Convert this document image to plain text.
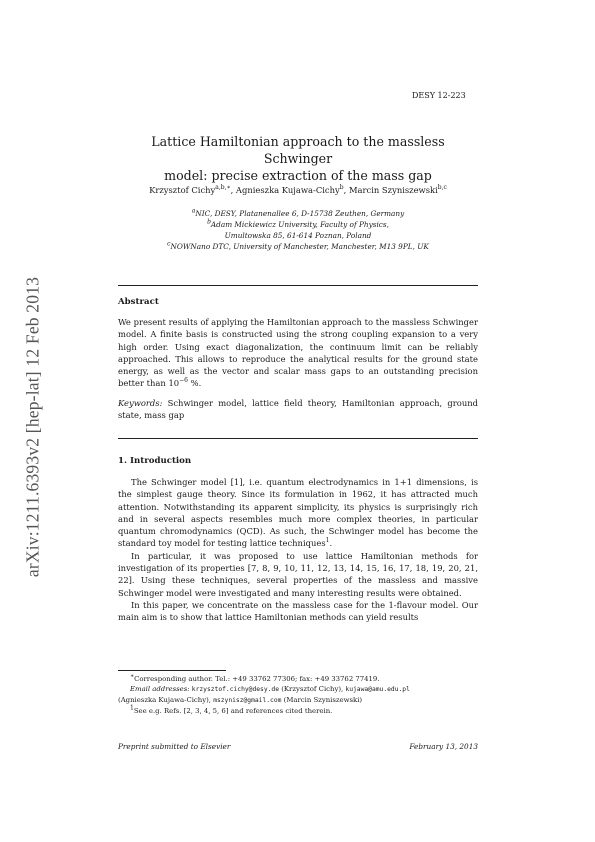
arXiv:1211.6393v2 [hep-lat] 12 Feb 2013
DESY 12-223
Lattice Hamiltonian approach to the massless Schwinger
model: precise extraction of the mass gap
Krzysztof Cichy$^{a,b,∗}$, Agnieszka Kujawa-Cichy$^b$, Marcin Szyniszewski$^{b,c}$
$^a$NIC, DESY, Platanenallee 6, D-15738 Zeuthen, Germany
$^b$Adam Mickiewicz University, Faculty of Physics,
Umultowska 85, 61-614 Poznan, Poland
$^c$NOWNano DTC, University of Manchester, Manchester, M13 9PL, UK
Abstract

We present results of applying the Hamiltonian approach to the massless Schwinger model. A finite basis is constructed using the strong coupling expansion to a very high order. Using exact diagonalization, the continuum limit can be reliably approached. This allows to reproduce the analytical results for the ground state energy, as well as the vector and scalar mass gaps to an outstanding precision better than $10^{-6}$ %.

Keywords: Schwinger model, lattice field theory, Hamiltonian approach, ground state, mass gap

1. Introduction

The Schwinger model [1], i.e. quantum electrodynamics in 1+1 dimensions, is the simplest gauge theory. Since its formulation in 1962, it has attracted much attention. Notwithstanding its apparent simplicity, its physics is surprisingly rich and in several aspects resembles much more complex theories, in particular quantum chromodynamics (QCD). As such, the Schwinger model has become the standard toy model for testing lattice techniques$^1$.

In particular, it was proposed to use lattice Hamiltonian methods for investigation of its properties [7, 8, 9, 10, 11, 12, 13, 14, 15, 16, 17, 18, 19, 20, 21, 22]. Using these techniques, several properties of the massless and massive Schwinger model were investigated and many interesting results were obtained.

In this paper, we concentrate on the massless case for the 1-flavour model. Our main aim is to show that lattice Hamiltonian methods can yield results

∗Corresponding author. Tel.: +49 33762 77306; fax: +49 33762 77419.

Email addresses: krzysztof.cichy@desy.de (Krzysztof Cichy), kujawa@amu.edu.pl
(Agnieszka Kujawa-Cichy), mszynisz@gmail.com (Marcin Szyniszewski)

$^1$See e.g. Refs. [2, 3, 4, 5, 6] and references cited therein.

Preprint submitted to Elsevier	February 13, 2013
